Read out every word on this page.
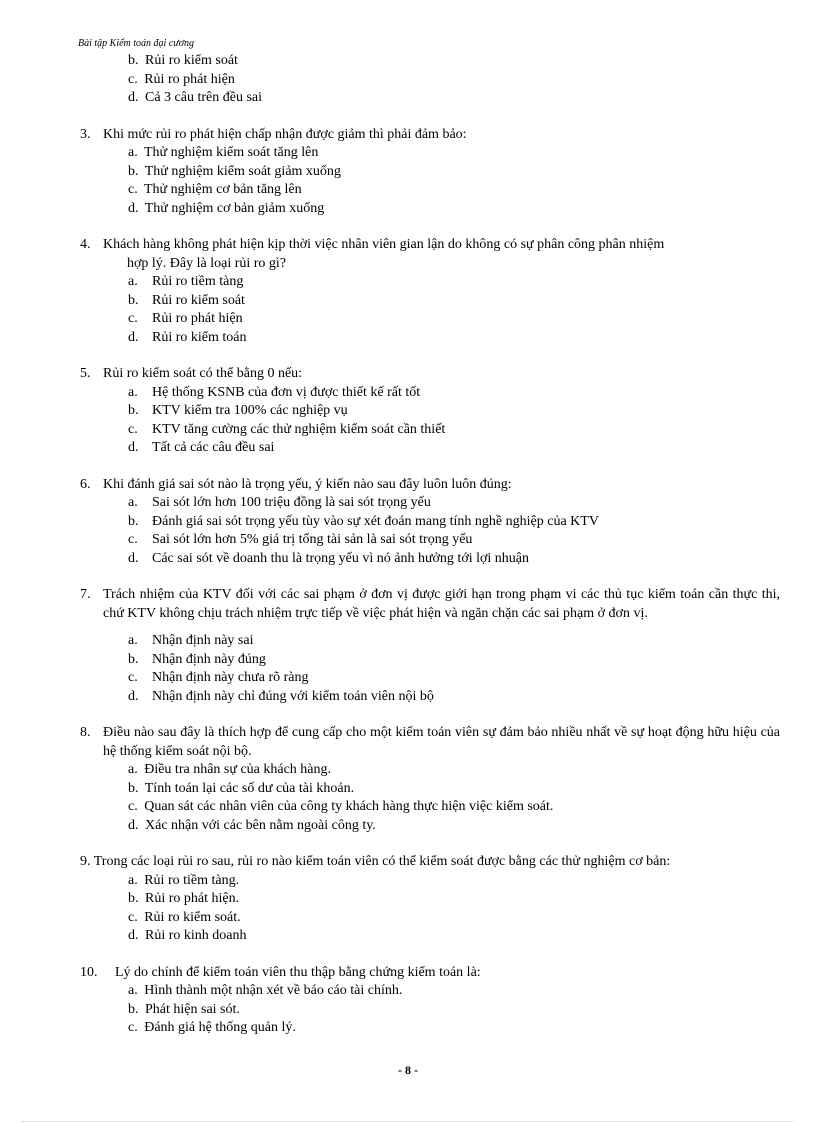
Bài tập Kiểm toán đại cương
b. Rủi ro kiểm soát
c. Rủi ro phát hiện
d. Cả 3 câu trên đều sai
3. Khi mức rủi ro phát hiện chấp nhận được giảm thì phải đảm bảo:
a. Thử nghiệm kiểm soát tăng lên
b. Thử nghiệm kiểm soát giảm xuống
c. Thử nghiệm cơ bản tăng lên
d. Thử nghiệm cơ bản giảm xuống
4. Khách hàng không phát hiện kịp thời việc nhân viên gian lận do không có sự phân công phân nhiệm
hợp lý. Đây là loại rủi ro gì?
a. Rủi ro tiềm tàng
b. Rủi ro kiểm soát
c. Rủi ro phát hiện
d. Rủi ro kiểm toán
5. Rủi ro kiểm soát có thể bằng 0 nếu:
a. Hệ thống KSNB của đơn vị được thiết kế rất tốt
b. KTV kiểm tra 100% các nghiệp vụ
c. KTV tăng cường các thử nghiệm kiểm soát cần thiết
d. Tất cả các câu đều sai
6. Khi đánh giá sai sót nào là trọng yếu, ý kiến nào sau đây luôn luôn đúng:
a. Sai sót lớn hơn 100 triệu đồng là sai sót trọng yếu
b. Đánh giá sai sót trọng yếu tùy vào sự xét đoán mang tính nghề nghiệp của KTV
c. Sai sót lớn hơn 5% giá trị tổng tài sản là sai sót trọng yếu
d. Các sai sót về doanh thu là trọng yếu vì nó ảnh hưởng tới lợi nhuận
7. Trách nhiệm của KTV đối với các sai phạm ở đơn vị được giới hạn trong phạm vi các thủ tục kiểm toán cần thực thi, chứ KTV không chịu trách nhiệm trực tiếp về việc phát hiện và ngăn chặn các sai phạm ở đơn vị.
a. Nhận định này sai
b. Nhận định này đúng
c. Nhận định này chưa rõ ràng
d. Nhận định này chỉ đúng với kiểm toán viên nội bộ
8. Điều nào sau đây là thích hợp để cung cấp cho một kiểm toán viên sự đảm bảo nhiều nhất về sự hoạt động hữu hiệu của hệ thống kiểm soát nội bộ.
a. Điều tra nhân sự của khách hàng.
b. Tính toán lại các số dư của tài khoản.
c. Quan sát các nhân viên của công ty khách hàng thực hiện việc kiểm soát.
d. Xác nhận với các bên nằm ngoài công ty.
9. Trong các loại rủi ro sau, rủi ro nào kiểm toán viên có thể kiểm soát được bằng các thử nghiệm cơ bản:
a. Rủi ro tiềm tàng.
b. Rủi ro phát hiện.
c. Rủi ro kiểm soát.
d. Rủi ro kinh doanh
10. Lý do chính để kiểm toán viên thu thập bằng chứng kiểm toán là:
a. Hình thành một nhận xét về báo cáo tài chính.
b. Phát hiện sai sót.
c. Đánh giá hệ thống quản lý.
- 8 -
